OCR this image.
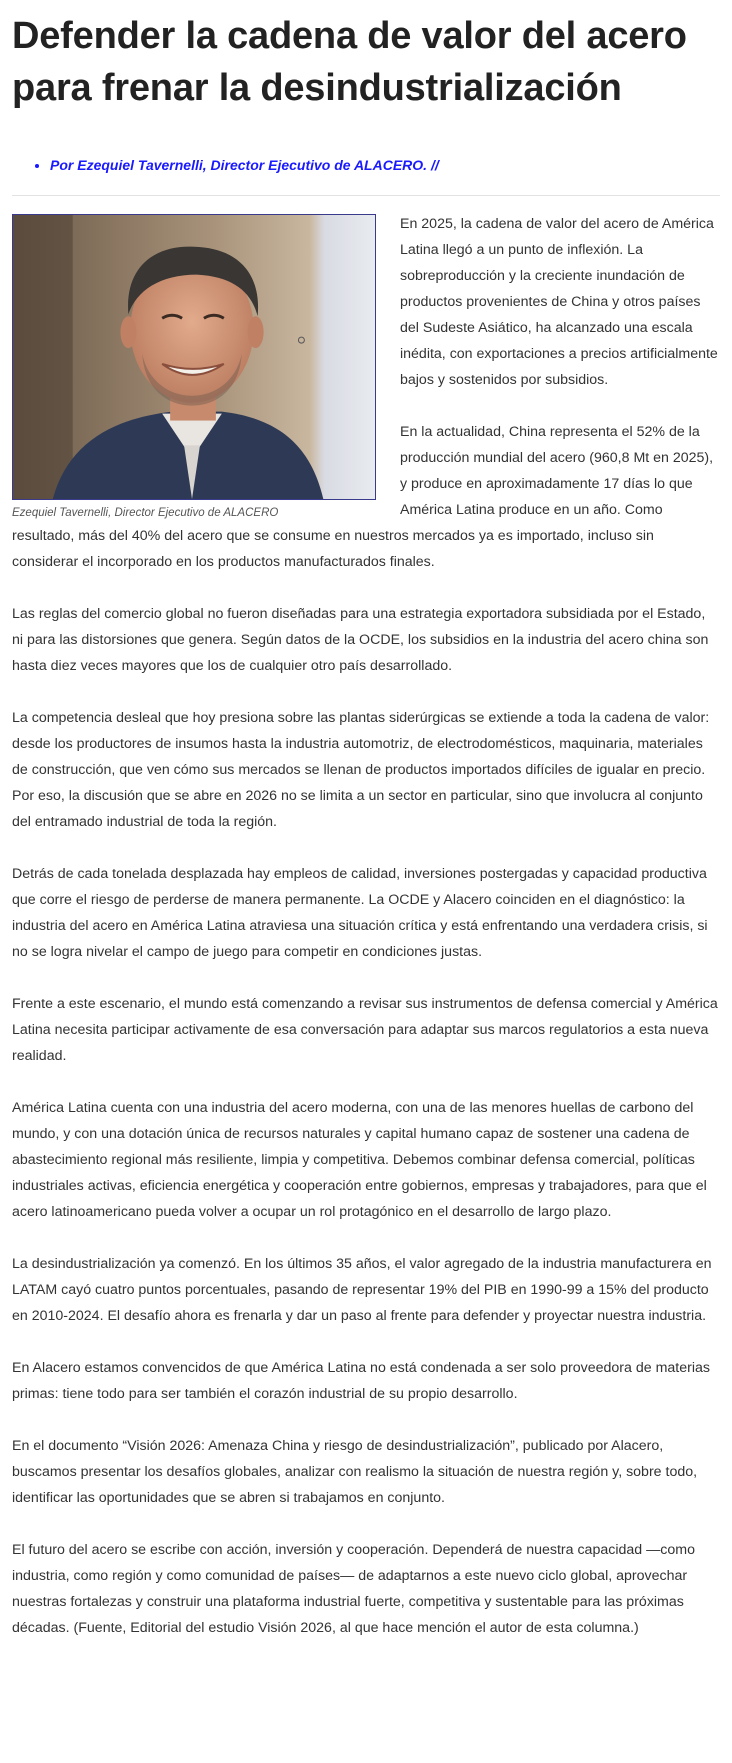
Defender la cadena de valor del acero para frenar la desindustrialización
• Por Ezequiel Tavernelli, Director Ejecutivo de ALACERO. //
Ezequiel Tavernelli, Director Ejecutivo de ALACERO

En 2025, la cadena de valor del acero de América Latina llegó a un punto de inflexión. La sobreproducción y la creciente inundación de productos provenientes de China y otros países del Sudeste Asiático, ha alcanzado una escala inédita, con exportaciones a precios artificialmente bajos y sostenidos por subsidios.

En la actualidad, China representa el 52% de la producción mundial del acero (960,8 Mt en 2025), y produce en aproximadamente 17 días lo que América Latina produce en un año. Como resultado, más del 40% del acero que se consume en nuestros mercados ya es importado, incluso sin considerar el incorporado en los productos manufacturados finales.

Las reglas del comercio global no fueron diseñadas para una estrategia exportadora subsidiada por el Estado, ni para las distorsiones que genera. Según datos de la OCDE, los subsidios en la industria del acero china son hasta diez veces mayores que los de cualquier otro país desarrollado.

La competencia desleal que hoy presiona sobre las plantas siderúrgicas se extiende a toda la cadena de valor: desde los productores de insumos hasta la industria automotriz, de electrodomésticos, maquinaria, materiales de construcción, que ven cómo sus mercados se llenan de productos importados difíciles de igualar en precio. Por eso, la discusión que se abre en 2026 no se limita a un sector en particular, sino que involucra al conjunto del entramado industrial de toda la región.

Detrás de cada tonelada desplazada hay empleos de calidad, inversiones postergadas y capacidad productiva que corre el riesgo de perderse de manera permanente. La OCDE y Alacero coinciden en el diagnóstico: la industria del acero en América Latina atraviesa una situación crítica y está enfrentando una verdadera crisis, si no se logra nivelar el campo de juego para competir en condiciones justas.

Frente a este escenario, el mundo está comenzando a revisar sus instrumentos de defensa comercial y América Latina necesita participar activamente de esa conversación para adaptar sus marcos regulatorios a esta nueva realidad.

América Latina cuenta con una industria del acero moderna, con una de las menores huellas de carbono del mundo, y con una dotación única de recursos naturales y capital humano capaz de sostener una cadena de abastecimiento regional más resiliente, limpia y competitiva. Debemos combinar defensa comercial, políticas industriales activas, eficiencia energética y cooperación entre gobiernos, empresas y trabajadores, para que el acero latinoamericano pueda volver a ocupar un rol protagónico en el desarrollo de largo plazo.

La desindustrialización ya comenzó. En los últimos 35 años, el valor agregado de la industria manufacturera en LATAM cayó cuatro puntos porcentuales, pasando de representar 19% del PIB en 1990-99 a 15% del producto en 2010-2024. El desafío ahora es frenarla y dar un paso al frente para defender y proyectar nuestra industria.

En Alacero estamos convencidos de que América Latina no está condenada a ser solo proveedora de materias primas: tiene todo para ser también el corazón industrial de su propio desarrollo.

En el documento “Visión 2026: Amenaza China y riesgo de desindustrialización”, publicado por Alacero, buscamos presentar los desafíos globales, analizar con realismo la situación de nuestra región y, sobre todo, identificar las oportunidades que se abren si trabajamos en conjunto.

El futuro del acero se escribe con acción, inversión y cooperación. Dependerá de nuestra capacidad —como industria, como región y como comunidad de países— de adaptarnos a este nuevo ciclo global, aprovechar nuestras fortalezas y construir una plataforma industrial fuerte, competitiva y sustentable para las próximas décadas. (Fuente, Editorial del estudio Visión 2026, al que hace mención el autor de esta columna.)
